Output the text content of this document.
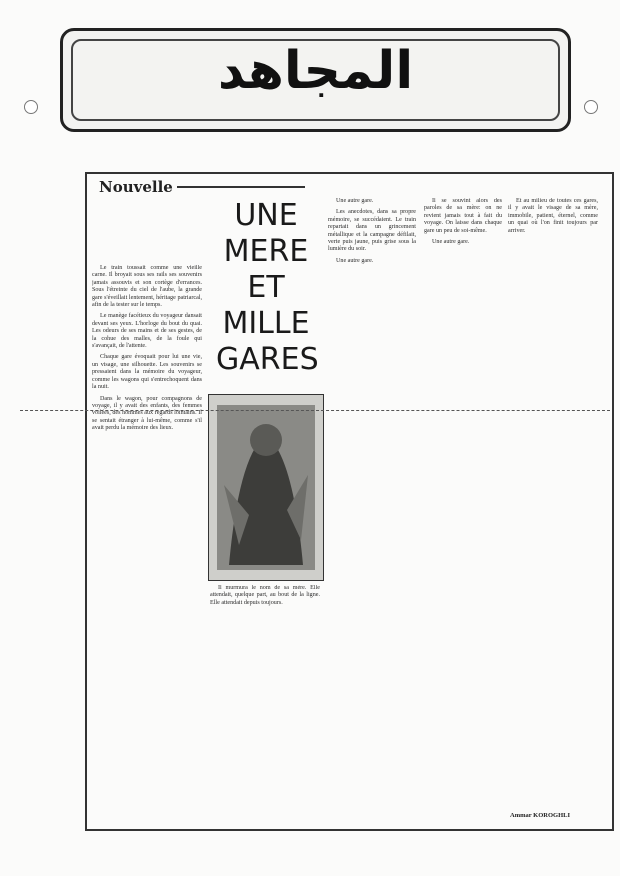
المجاهد
Nouvelle
UNE
MERE
ET
MILLE
GARES

Le train toussait comme une vieille carne. Il broyait sous ses rails ses souvenirs jamais assouvis et son cortège d'errances. Sous l'étreinte du ciel de l'aube, la grande gare s'éveillait lentement, héritage patriarcal, afin de la tester sur le temps.

Le manège facétieux du voyageur dansait devant ses yeux. L'horloge du bout du quai. Les odeurs de ses mains et de ses gestes, de la cohue des malles, de la foule qui s'avançait, de l'attente.

Chaque gare évoquait pour lui une vie, un visage, une silhouette. Les souvenirs se pressaient dans la mémoire du voyageur, comme les wagons qui s'entrechoquent dans la nuit.

Dans le wagon, pour compagnons de voyage, il y avait des enfants, des femmes voilées, des hommes aux regards lointains. Il se sentait étranger à lui-même, comme s'il avait perdu la mémoire des lieux.

Il murmura le nom de sa mère. Elle attendait, quelque part, au bout de la ligne. Elle attendait depuis toujours.

Une autre gare.

Les anecdotes, dans sa propre mémoire, se succédaient. Le train repartait dans un grincement métallique et la campagne défilait, verte puis jaune, puis grise sous la lumière du soir.

Une autre gare.

Il se souvint alors des paroles de sa mère: on ne revient jamais tout à fait du voyage. On laisse dans chaque gare un peu de soi-même.

Une autre gare.

Et au milieu de toutes ces gares, il y avait le visage de sa mère, immobile, patient, éternel, comme un quai où l'on finit toujours par arriver.

Ammar KOROGHLI
